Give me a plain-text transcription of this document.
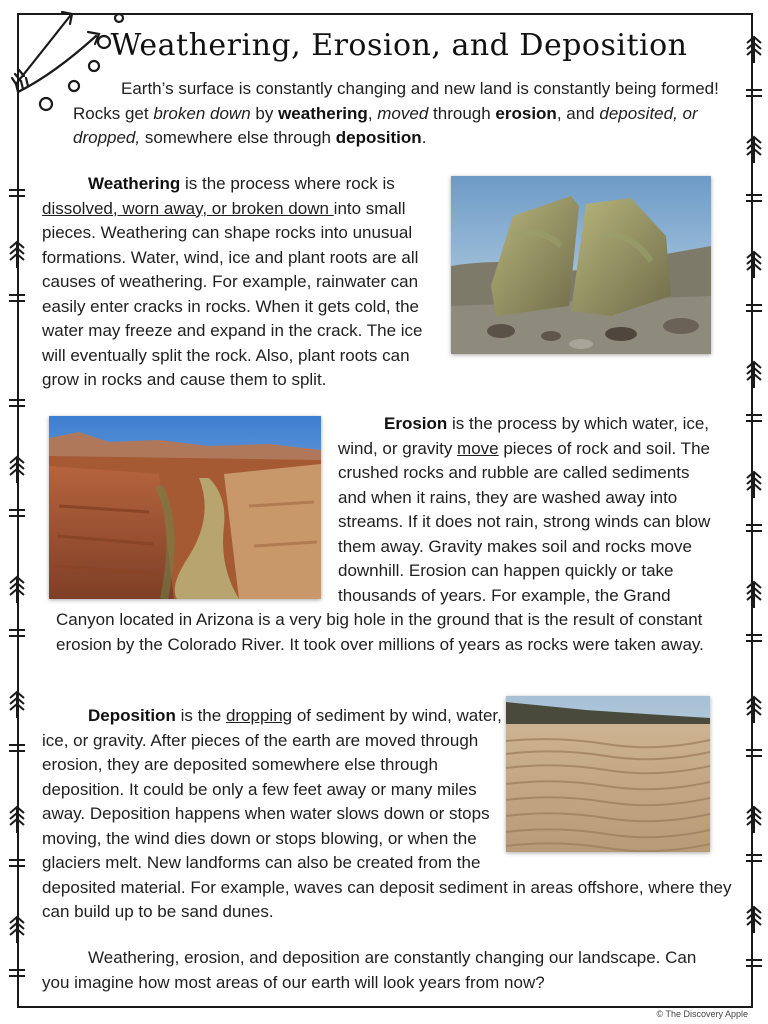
Weathering, Erosion, and Deposition
Earth’s surface is constantly changing and new land is constantly being formed! Rocks get broken down by weathering, moved through erosion, and deposited, or dropped, somewhere else through deposition.
Weathering is the process where rock is dissolved, worn away, or broken down into small pieces. Weathering can shape rocks into unusual formations. Water, wind, ice and plant roots are all causes of weathering. For example, rainwater can easily enter cracks in rocks. When it gets cold, the water may freeze and expand in the crack. The ice will eventually split the rock. Also, plant roots can grow in rocks and cause them to split.
Erosion is the process by which water, ice, wind, or gravity move pieces of rock and soil. The crushed rocks and rubble are called sediments and when it rains, they are washed away into streams. If it does not rain, strong winds can blow them away. Gravity makes soil and rocks move downhill. Erosion can happen quickly or take thousands of years. For example, the Grand Canyon located in Arizona is a very big hole in the ground that is the result of constant erosion by the Colorado River. It took over millions of years as rocks were taken away.
Deposition is the dropping of sediment by wind, water, ice, or gravity. After pieces of the earth are moved through erosion, they are deposited somewhere else through deposition. It could be only a few feet away or many miles away. Deposition happens when water slows down or stops moving, the wind dies down or stops blowing, or when the glaciers melt. New landforms can also be created from the deposited material. For example, waves can deposit sediment in areas offshore, where they can build up to be sand dunes.
Weathering, erosion, and deposition are constantly changing our landscape. Can you imagine how most areas of our earth will look years from now?
© The Discovery Apple
